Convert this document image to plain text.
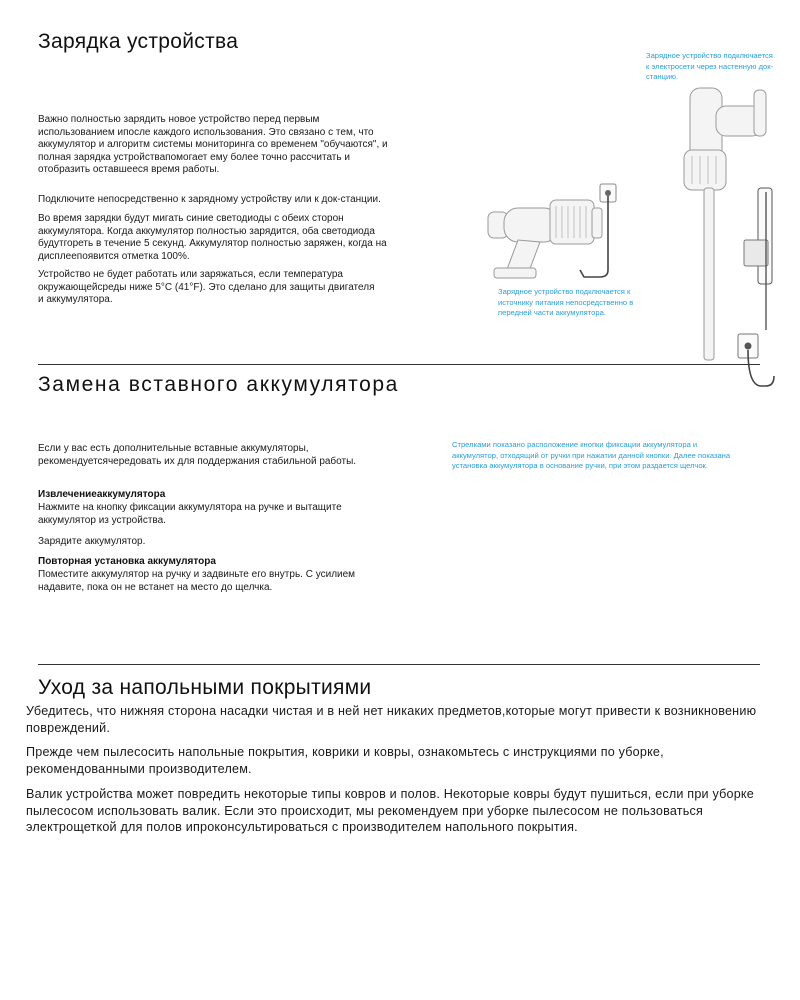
Зарядка устройства
Важно полностью зарядить новое устройство перед первым использованием ипосле каждого использования. Это связано с тем, что аккумулятор и алгоритм системы мониторинга со временем "обучаются", и полная зарядка устройствапомогает ему более точно рассчитать и отобразить оставшееся время работы.
Подключите непосредственно к зарядному устройству или к док-станции.
Во время зарядки будут мигать синие светодиоды с обеих сторон аккумулятора. Когда аккумулятор полностью зарядится, оба светодиода будутгореть в течение 5 секунд. Аккумулятор полностью заряжен, когда на дисплеепоявится отметка 100%.
Устройство не будет работать или заряжаться, если температура окружающейсреды ниже 5°C (41°F). Это сделано для защиты двигателя и аккумулятора.
Зарядное устройство подключается к электросети через настенную док- станцию.
Зарядное устройство подключается к источнику питания непосредственно в передней части аккумулятора.
Замена вставного аккумулятора
Если у вас есть дополнительные вставные аккумуляторы, рекомендуетсячередовать их для поддержания стабильной работы.
Извлечениеаккумулятора
Нажмите на кнопку фиксации аккумулятора на ручке и вытащите аккумулятор из устройства.
Зарядите аккумулятор.
Повторная установка аккумулятора
Поместите аккумулятор на ручку и задвиньте его внутрь. С усилием надавите, пока он не встанет на место до щелчка.
Стрелками показано расположение кнопки фиксации аккумулятора и аккумулятор, отходящий от ручки при нажатии данной кнопки. Далее показана установка аккумулятора в основание ручки, при этом раздается щелчок.
Уход за напольными покрытиями
Убедитесь, что нижняя сторона насадки чистая и в ней нет никаких предметов,которые могут привести к возникновению повреждений.
Прежде чем пылесосить напольные покрытия, коврики и ковры, ознакомьтесь с инструкциями по уборке, рекомендованными производителем.
Валик устройства может повредить некоторые типы ковров и полов. Некоторые ковры будут пушиться, если при уборке пылесосом использовать валик. Если это происходит, мы рекомендуем при уборке пылесосом не пользоваться электрощеткой для полов ипроконсультироваться с производителем напольного покрытия.
